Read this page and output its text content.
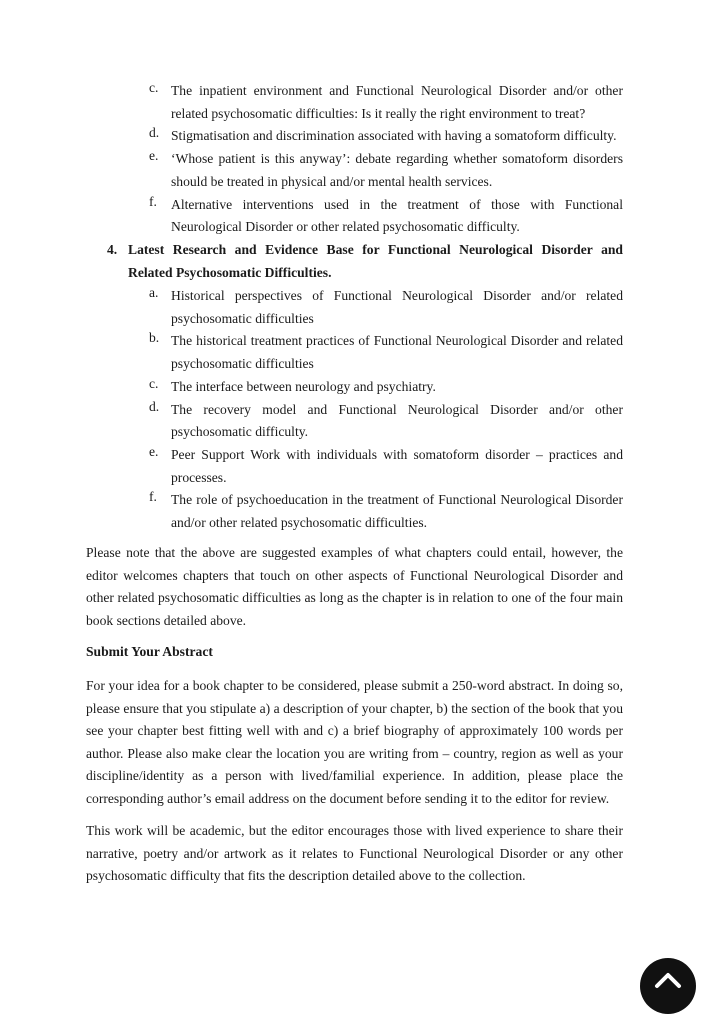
c. The inpatient environment and Functional Neurological Disorder and/or other related psychosomatic difficulties: Is it really the right environment to treat?
d. Stigmatisation and discrimination associated with having a somatoform difficulty.
e. ‘Whose patient is this anyway’: debate regarding whether somatoform disorders should be treated in physical and/or mental health services.
f.	Alternative interventions used in the treatment of those with Functional Neurological Disorder or other related psychosomatic difficulty.
4. Latest Research and Evidence Base for Functional Neurological Disorder and Related Psychosomatic Difficulties.
a. Historical perspectives of Functional Neurological Disorder and/or related psychosomatic difficulties
b. The historical treatment practices of Functional Neurological Disorder and related psychosomatic difficulties
c. The interface between neurology and psychiatry.
d. The recovery model and Functional Neurological Disorder and/or other psychosomatic difficulty.
e. Peer Support Work with individuals with somatoform disorder – practices and processes.
f.	The role of psychoeducation in the treatment of Functional Neurological Disorder and/or other related psychosomatic difficulties.

Please note that the above are suggested examples of what chapters could entail, however, the editor welcomes chapters that touch on other aspects of Functional Neurological Disorder and other related psychosomatic difficulties as long as the chapter is in relation to one of the four main book sections detailed above.

Submit Your Abstract

For your idea for a book chapter to be considered, please submit a 250-word abstract. In doing so, please ensure that you stipulate a) a description of your chapter, b) the section of the book that you see your chapter best fitting well with and c) a brief biography of approximately 100 words per author. Please also make clear the location you are writing from – country, region as well as your discipline/identity as a person with lived/familial experience. In addition, please place the corresponding author’s email address on the document before sending it to the editor for review.

This work will be academic, but the editor encourages those with lived experience to share their narrative, poetry and/or artwork as it relates to Functional Neurological Disorder or any other psychosomatic difficulty that fits the description detailed above to the collection.
